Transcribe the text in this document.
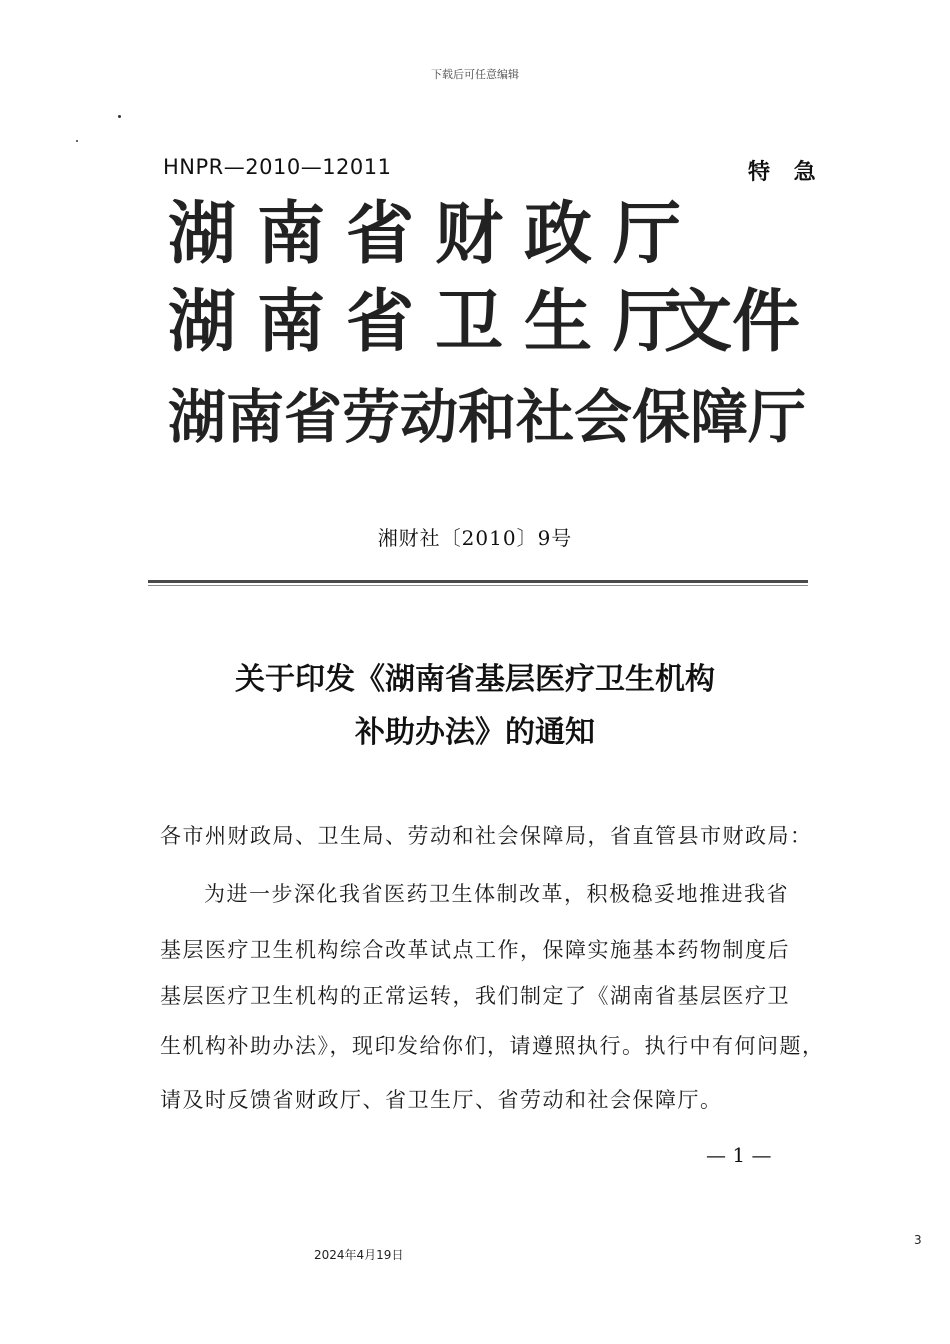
下载后可任意编辑
HNPR—2010—12011	特 急
湖南省财政厅
湖南省卫生厅
文件
湖南省劳动和社会保障厅
湘财社〔2010〕9号
关于印发《湖南省基层医疗卫生机构
补助办法》的通知
各市州财政局、卫生局、劳动和社会保障局，省直管县市财政局：
为进一步深化我省医药卫生体制改革，积极稳妥地推进我省
基层医疗卫生机构综合改革试点工作，保障实施基本药物制度后
基层医疗卫生机构的正常运转，我们制定了《湖南省基层医疗卫
生机构补助办法》，现印发给你们，请遵照执行。执行中有何问题，
请及时反馈省财政厅、省卫生厅、省劳动和社会保障厅。
— 1 —
2024年4月19日
3
